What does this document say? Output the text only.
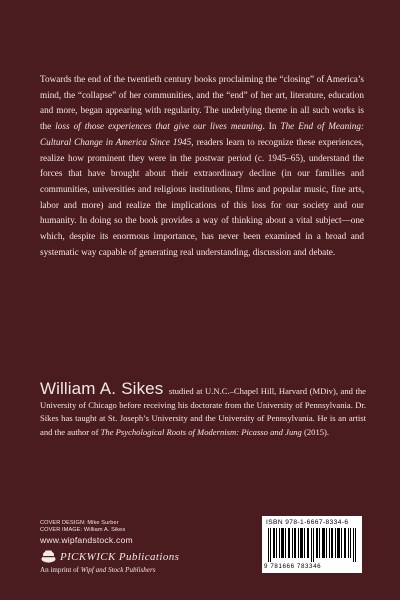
Towards the end of the twentieth century books proclaiming the “closing” of America’s mind, the “collapse” of her communities, and the “end” of her art, literature, education and more, began appearing with regularity. The underlying theme in all such works is the loss of those experiences that give our lives meaning. In The End of Meaning: Cultural Change in America Since 1945, readers learn to recognize these experiences, realize how prominent they were in the postwar period (c. 1945–65), understand the forces that have brought about their extraordinary decline (in our families and communities, universities and religious institutions, films and popular music, fine arts, labor and more) and realize the implications of this loss for our society and our humanity. In doing so the book provides a way of thinking about a vital subject—one which, despite its enormous importance, has never been examined in a broad and systematic way capable of generating real understanding, discussion and debate.

William A. Sikes studied at U.N.C.–Chapel Hill, Harvard (MDiv), and the University of Chicago before receiving his doctorate from the University of Pennsylvania. Dr. Sikes has taught at St. Joseph’s University and the University of Pennsylvania. He is an artist and the author of The Psychological Roots of Modernism: Picasso and Jung (2015).

COVER DESIGN: Mike Surber
COVER IMAGE: William A. Sikes
www.wipfandstock.com
PICKWICK Publications
An imprint of Wipf and Stock Publishers
ISBN 978-1-6667-8334-6
9 781666 783346
